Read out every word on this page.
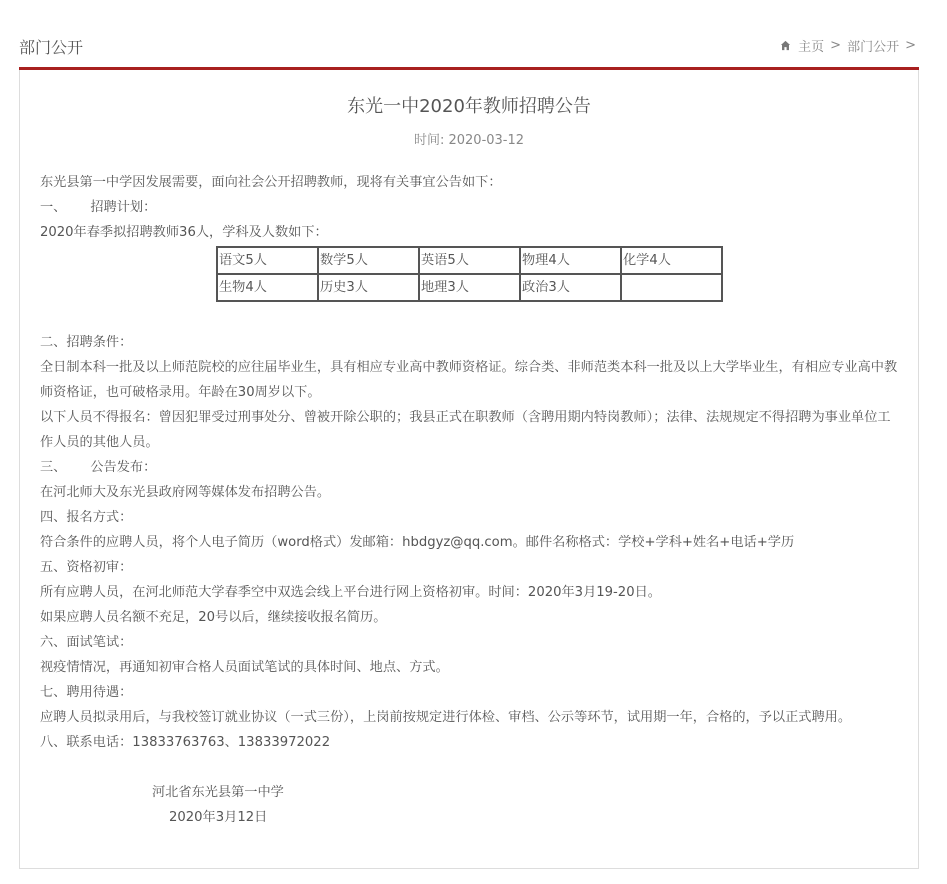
部门公开	主页 > 部门公开 >
东光一中2020年教师招聘公告
时间: 2020-03-12

东光县第一中学因发展需要，面向社会公开招聘教师，现将有关事宜公告如下：

一、 招聘计划：

2020年春季拟招聘教师36人，学科及人数如下：

语文5人	数学5人	英语5人	物理4人	化学4人
生物4人	历史3人	地理3人	政治3人	

二、招聘条件：

全日制本科一批及以上师范院校的应往届毕业生，具有相应专业高中教师资格证。综合类、非师范类本科一批及以上大学毕业生，有相应专业高中教师资格证，也可破格录用。年龄在30周岁以下。

以下人员不得报名：曾因犯罪受过刑事处分、曾被开除公职的；我县正式在职教师（含聘用期内特岗教师）；法律、法规规定不得招聘为事业单位工作人员的其他人员。

三、 公告发布：

在河北师大及东光县政府网等媒体发布招聘公告。

四、报名方式：

符合条件的应聘人员，将个人电子简历（word格式）发邮箱：hbdgyz@qq.com。邮件名称格式：学校+学科+姓名+电话+学历

五、资格初审：

所有应聘人员，在河北师范大学春季空中双选会线上平台进行网上资格初审。时间：2020年3月19-20日。

如果应聘人员名额不充足，20号以后，继续接收报名简历。

六、面试笔试：

视疫情情况，再通知初审合格人员面试笔试的具体时间、地点、方式。

七、聘用待遇：

应聘人员拟录用后，与我校签订就业协议（一式三份），上岗前按规定进行体检、审档、公示等环节，试用期一年，合格的，予以正式聘用。

八、联系电话：13833763763、13833972022

河北省东光县第一中学

2020年3月12日
